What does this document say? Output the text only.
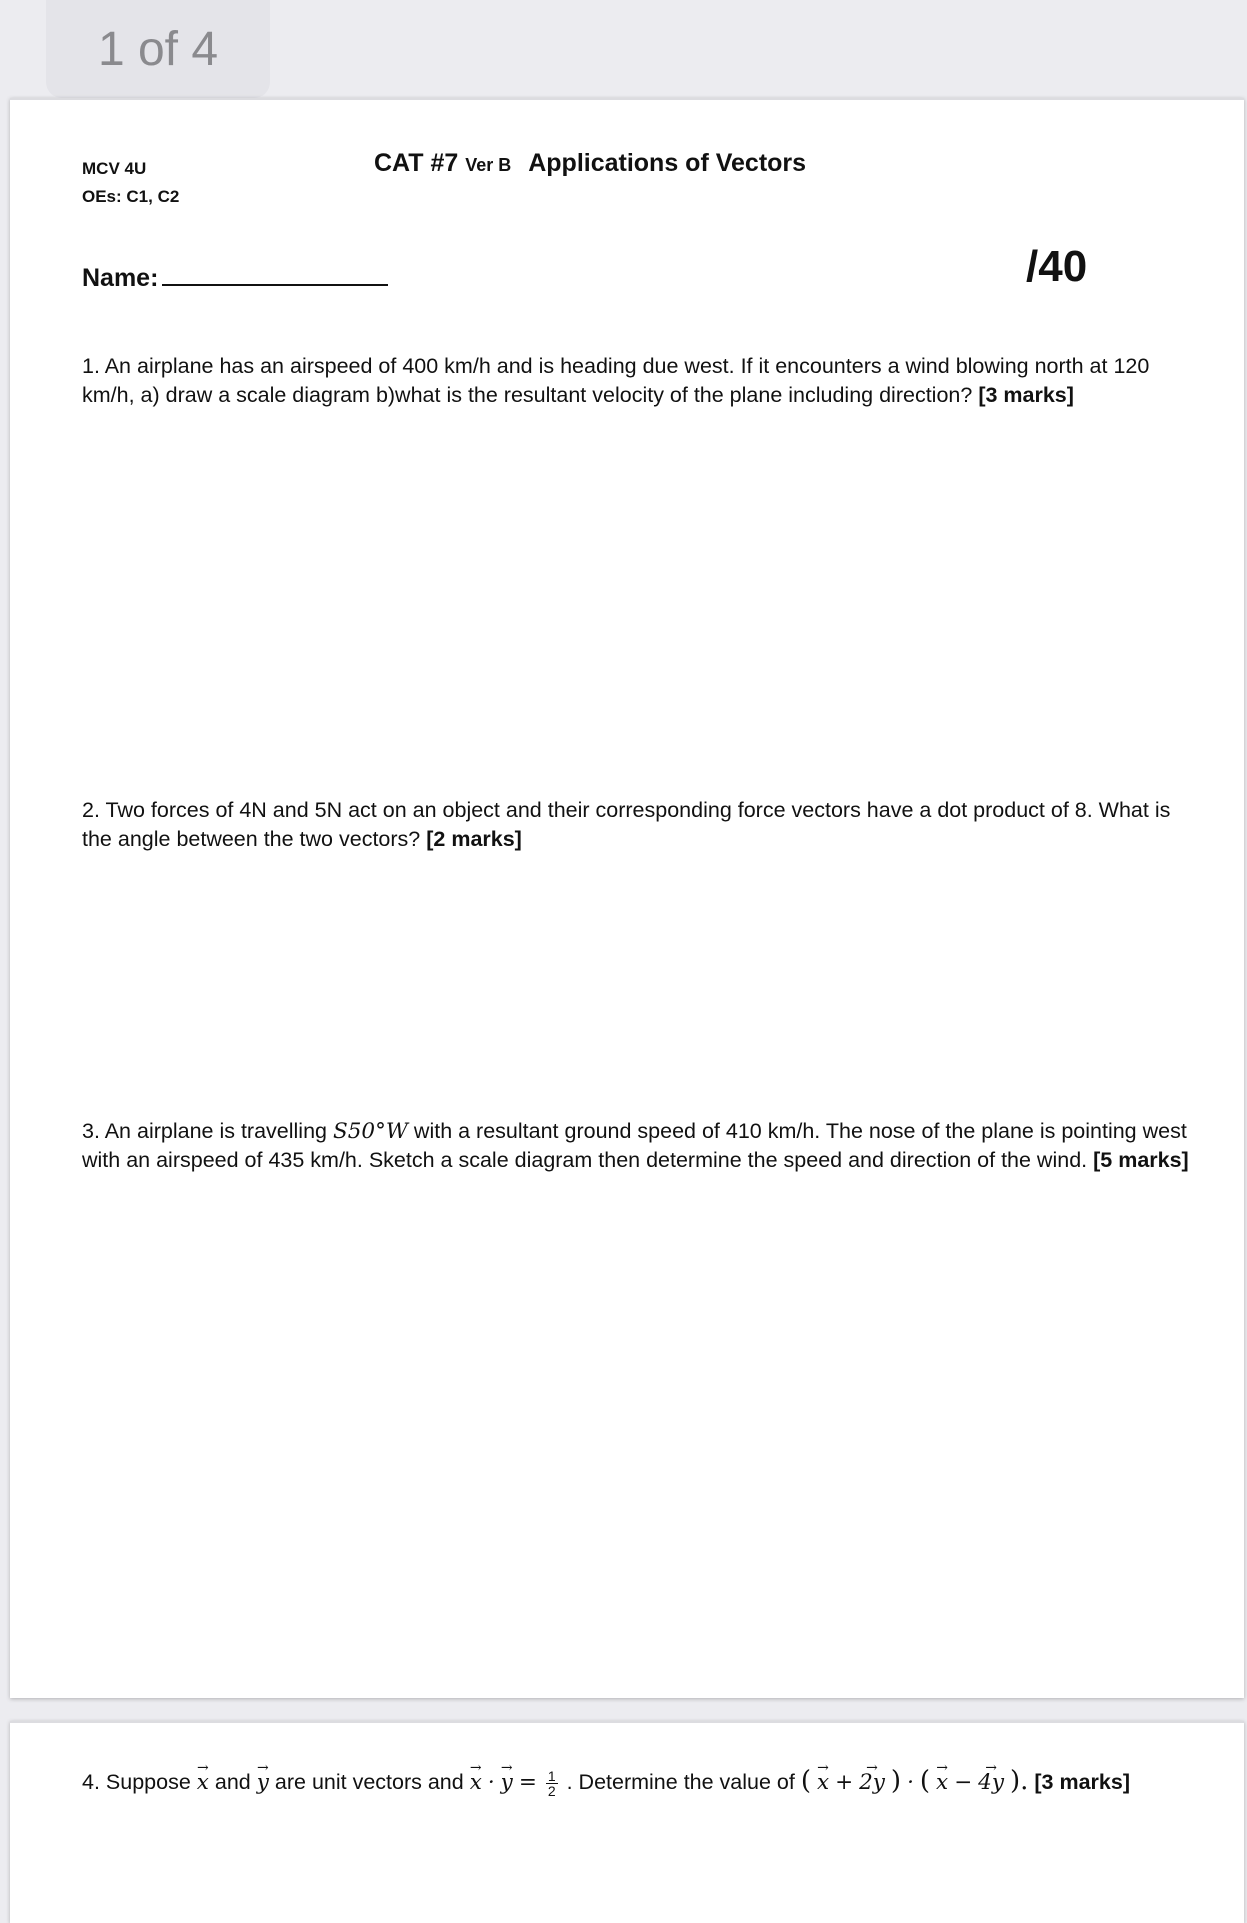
1 of 4
MCV 4U
OEs: C1, C2
CAT #7 Ver B Applications of Vectors
Name:	/40
1. An airplane has an airspeed of 400 km/h and is heading due west. If it encounters a wind blowing north at 120 km/h, a) draw a scale diagram b)what is the resultant velocity of the plane including direction? [3 marks]
2. Two forces of 4N and 5N act on an object and their corresponding force vectors have a dot product of 8. What is the angle between the two vectors? [2 marks]
3. An airplane is travelling S50°W with a resultant ground speed of 410 km/h. The nose of the plane is pointing west with an airspeed of 435 km/h. Sketch a scale diagram then determine the speed and direction of the wind. [5 marks]
4. Suppose → x and → y are unit vectors and → x · → $y = \frac{1}{2}$ . Determine the value of ( → x + → 2y ) · ( → x − → 4y ). [3 marks]
